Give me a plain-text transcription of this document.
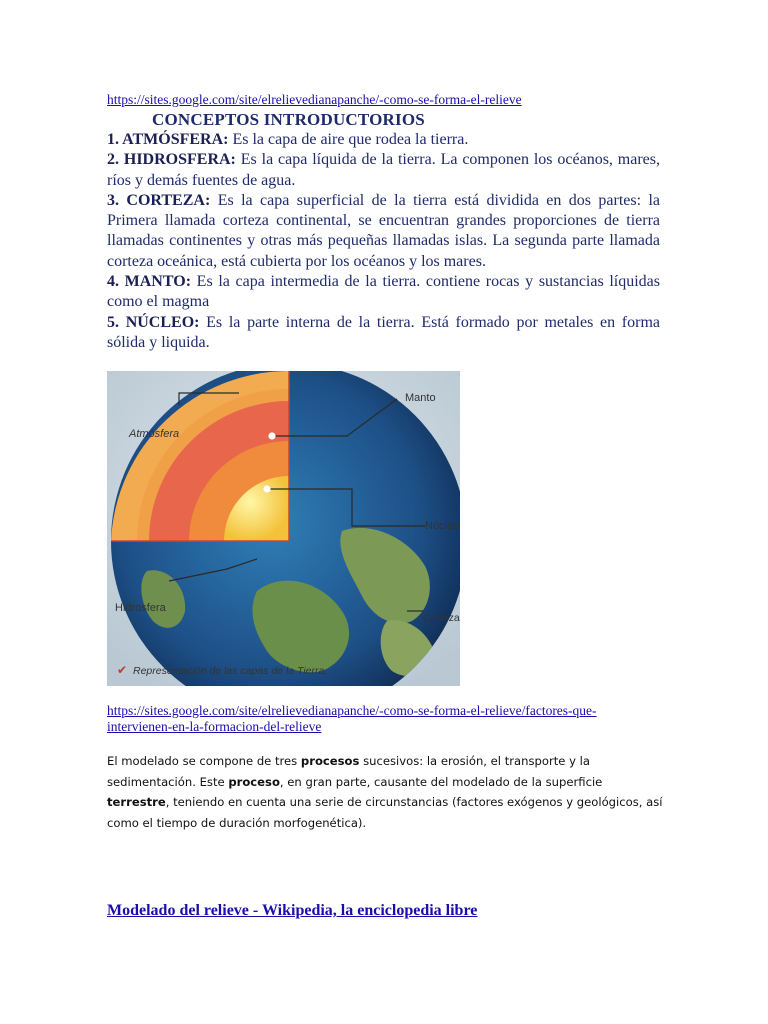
https://sites.google.com/site/elrelievedianapanche/-como-se-forma-el-relieve
CONCEPTOS INTRODUCTORIOS

1. ATMÓSFERA: Es la capa de aire que rodea la tierra.

2. HIDROSFERA: Es la capa líquida de la tierra. La componen los océanos, mares, ríos y demás fuentes de agua.

3. CORTEZA: Es la capa superficial de la tierra está dividida en dos partes: la Primera llamada corteza continental, se encuentran grandes proporciones de tierra llamadas continentes y otras más pequeñas llamadas islas. La segunda parte llamada corteza oceánica, está cubierta por los océanos y los mares.

4. MANTO: Es la capa intermedia de la tierra. contiene rocas y sustancias líquidas como el magma

5. NÚCLEO: Es la parte interna de la tierra. Está formado por metales en forma sólida y liquida.

Manto
Atmósfera
Núcleo
Hidrosfera
Corteza
✔ Representación de las capas de la Tierra.
https://sites.google.com/site/elrelievedianapanche/-como-se-forma-el-relieve/factores-que-intervienen-en-la-formacion-del-relieve
El modelado se compone de tres procesos sucesivos: la erosión, el transporte y la sedimentación. Este proceso, en gran parte, causante del modelado de la superficie terrestre, teniendo en cuenta una serie de circunstancias (factores exógenos y geológicos, así como el tiempo de duración morfogenética).
Modelado del relieve - Wikipedia, la enciclopedia libre
